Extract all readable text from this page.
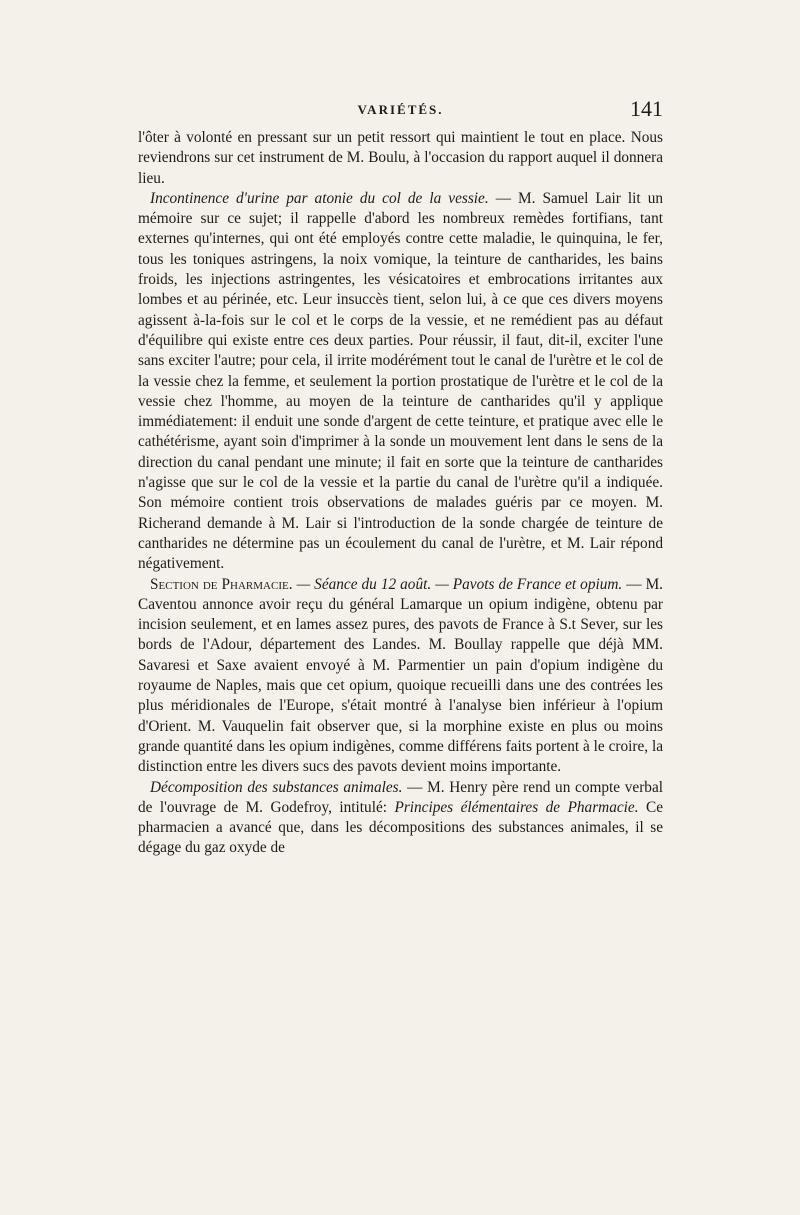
VARIÉTÉS.	141

l'ôter à volonté en pressant sur un petit ressort qui maintient le tout en place. Nous reviendrons sur cet instrument de M. Boulu, à l'occasion du rapport auquel il donnera lieu.

Incontinence d'urine par atonie du col de la vessie. — M. Samuel Lair lit un mémoire sur ce sujet; il rappelle d'abord les nombreux remèdes fortifians, tant externes qu'internes, qui ont été employés contre cette maladie, le quinquina, le fer, tous les toniques astringens, la noix vomique, la teinture de cantharides, les bains froids, les injections astringentes, les vésicatoires et embrocations irritantes aux lombes et au périnée, etc. Leur insuccès tient, selon lui, à ce que ces divers moyens agissent à-la-fois sur le col et le corps de la vessie, et ne remédient pas au défaut d'équilibre qui existe entre ces deux parties. Pour réussir, il faut, dit-il, exciter l'une sans exciter l'autre; pour cela, il irrite modérément tout le canal de l'urètre et le col de la vessie chez la femme, et seulement la portion prostatique de l'urètre et le col de la vessie chez l'homme, au moyen de la teinture de cantharides qu'il y applique immédiatement: il enduit une sonde d'argent de cette teinture, et pratique avec elle le cathétérisme, ayant soin d'imprimer à la sonde un mouvement lent dans le sens de la direction du canal pendant une minute; il fait en sorte que la teinture de cantharides n'agisse que sur le col de la vessie et la partie du canal de l'urètre qu'il a indiquée. Son mémoire contient trois observations de malades guéris par ce moyen. M. Richerand demande à M. Lair si l'introduction de la sonde chargée de teinture de cantharides ne détermine pas un écoulement du canal de l'urètre, et M. Lair répond négativement.

Section de Pharmacie. — Séance du 12 août. — Pavots de France et opium. — M. Caventou annonce avoir reçu du général Lamarque un opium indigène, obtenu par incision seulement, et en lames assez pures, des pavots de France à S.t Sever, sur les bords de l'Adour, département des Landes. M. Boullay rappelle que déjà MM. Savaresi et Saxe avaient envoyé à M. Parmentier un pain d'opium indigène du royaume de Naples, mais que cet opium, quoique recueilli dans une des contrées les plus méridionales de l'Europe, s'était montré à l'analyse bien inférieur à l'opium d'Orient. M. Vauquelin fait observer que, si la morphine existe en plus ou moins grande quantité dans les opium indigènes, comme différens faits portent à le croire, la distinction entre les divers sucs des pavots devient moins importante.

Décomposition des substances animales. — M. Henry père rend un compte verbal de l'ouvrage de M. Godefroy, intitulé: Principes élémentaires de Pharmacie. Ce pharmacien a avancé que, dans les décompositions des substances animales, il se dégage du gaz oxyde de
